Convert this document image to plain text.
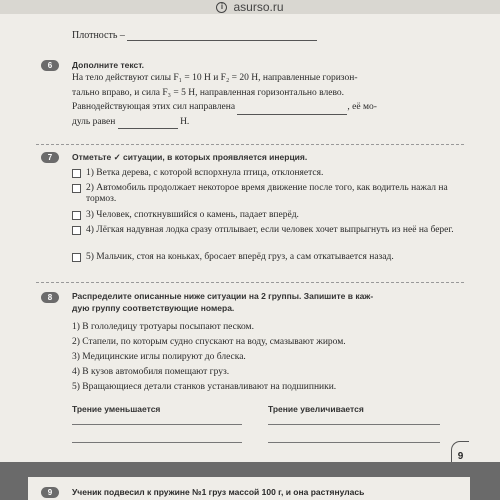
i asurso.ru
Плотность –
6	Дополните текст.
На тело действуют силы F₁ = 10 Н и F₂ = 20 Н, направленные горизон-
тально вправо, и сила F₃ = 5 Н, направленная горизонтально влево.
Равнодействующая этих сил направлена	, её мо-
дуль равен	Н.
7	Отметьте ✓ ситуации, в которых проявляется инерция.
1) Ветка дерева, с которой вспорхнула птица, отклоняется.
2) Автомобиль продолжает некоторое время движение после того, как водитель нажал на тормоз.
3) Человек, споткнувшийся о камень, падает вперёд.
4) Лёгкая надувная лодка сразу отплывает, если человек хочет выпрыгнуть из неё на берег.
5) Мальчик, стоя на коньках, бросает вперёд груз, а сам откатывается назад.
8	Распределите описанные ниже ситуации на 2 группы. Запишите в каж-
дую группу соответствующие номера.
1) В гололедицу тротуары посыпают песком.
2) Стапели, по которым судно спускают на воду, смазывают жиром.
3) Медицинские иглы полируют до блеска.
4) В кузов автомобиля помещают груз.
5) Вращающиеся детали станков устанавливают на подшипники.
Трение уменьшается	Трение увеличивается
9
9	Ученик подвесил к пружине №1 груз массой 100 г, и она растянулась
